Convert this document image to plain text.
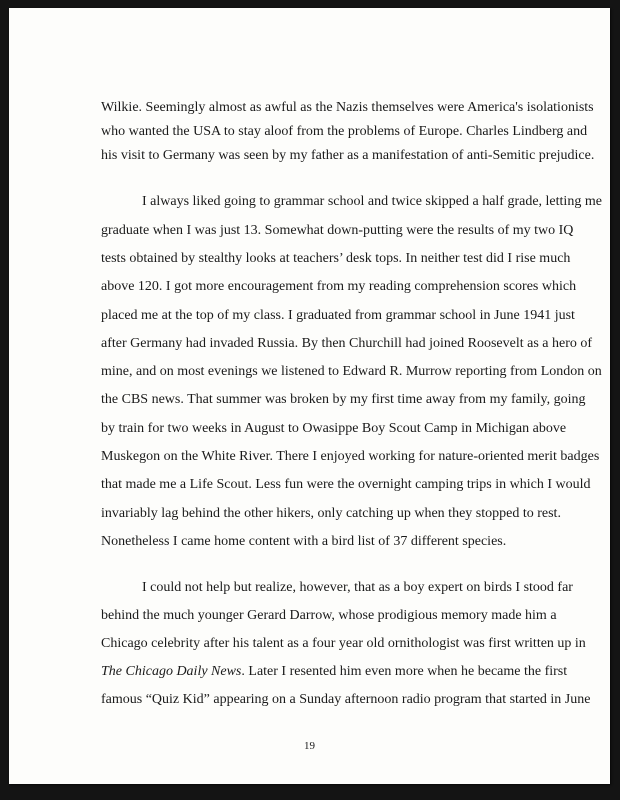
Wilkie. Seemingly almost as awful as the Nazis themselves were America's isolationists
who wanted the USA to stay aloof from the problems of Europe. Charles Lindberg and
his visit to Germany was seen by my father as a manifestation of anti-Semitic prejudice.
I always liked going to grammar school and twice skipped a half grade, letting me
graduate when I was just 13. Somewhat down-putting were the results of my two IQ
tests obtained by stealthy looks at teachers’ desk tops. In neither test did I rise much
above 120. I got more encouragement from my reading comprehension scores which
placed me at the top of my class. I graduated from grammar school in June 1941 just
after Germany had invaded Russia. By then Churchill had joined Roosevelt as a hero of
mine, and on most evenings we listened to Edward R. Murrow reporting from London on
the CBS news. That summer was broken by my first time away from my family, going
by train for two weeks in August to Owasippe Boy Scout Camp in Michigan above
Muskegon on the White River. There I enjoyed working for nature-oriented merit badges
that made me a Life Scout. Less fun were the overnight camping trips in which I would
invariably lag behind the other hikers, only catching up when they stopped to rest.
Nonetheless I came home content with a bird list of 37 different species.
I could not help but realize, however, that as a boy expert on birds I stood far
behind the much younger Gerard Darrow, whose prodigious memory made him a
Chicago celebrity after his talent as a four year old ornithologist was first written up in
The Chicago Daily News. Later I resented him even more when he became the first
famous “Quiz Kid” appearing on a Sunday afternoon radio program that started in June
19
